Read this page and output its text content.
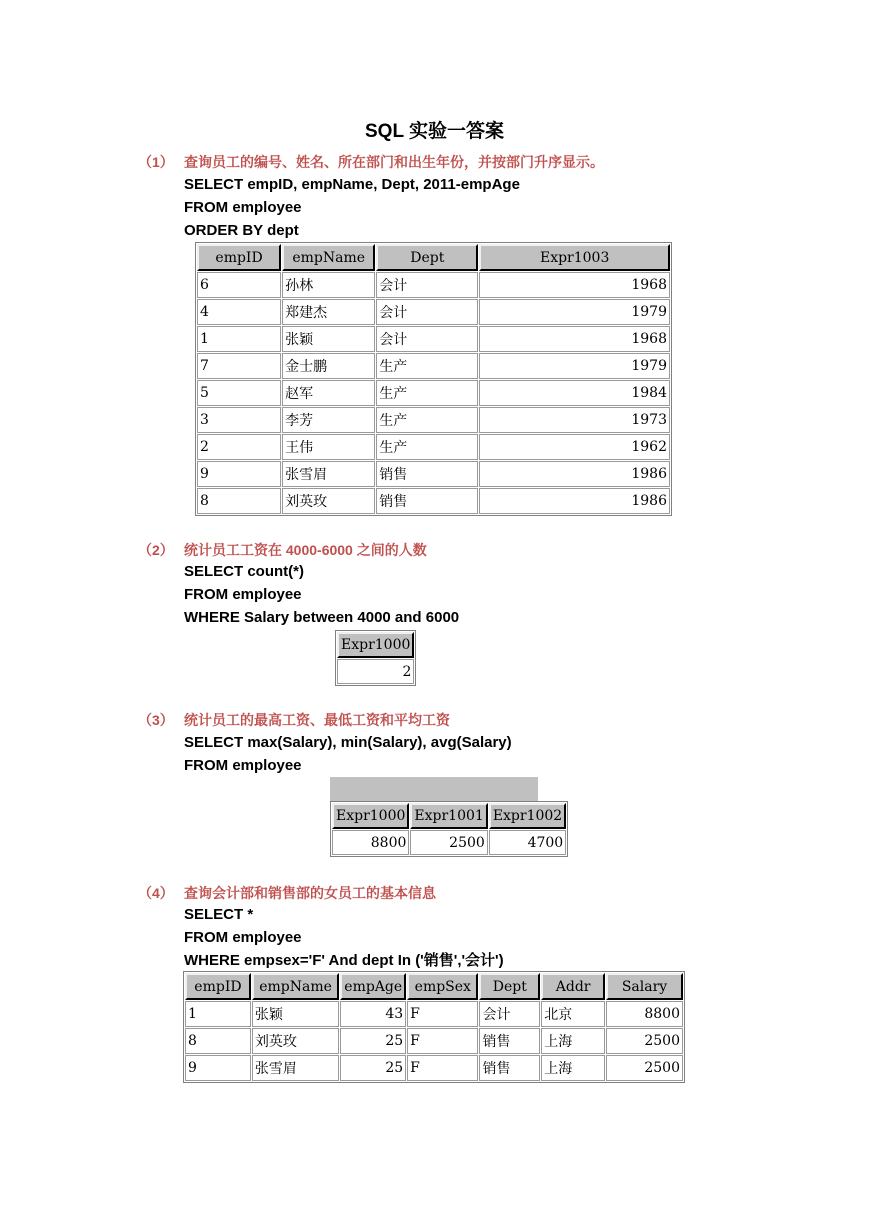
SQL 实验一答案
（1） 查询员工的编号、姓名、所在部门和出生年份，并按部门升序显示。
SELECT empID, empName, Dept, 2011-empAge
FROM employee
ORDER BY dept
empID	empName	Dept	Expr1003
6	孙林	会计	1968
4	郑建杰	会计	1979
1	张颖	会计	1968
7	金士鹏	生产	1979
5	赵军	生产	1984
3	李芳	生产	1973
2	王伟	生产	1962
9	张雪眉	销售	1986
8	刘英玫	销售	1986
（2） 统计员工工资在 4000-6000 之间的人数
SELECT count(*)
FROM employee
WHERE Salary between 4000 and 6000
Expr1000
2
（3） 统计员工的最高工资、最低工资和平均工资
SELECT max(Salary), min(Salary), avg(Salary)
FROM employee
Expr1000	Expr1001	Expr1002
8800	2500	4700
（4） 查询会计部和销售部的女员工的基本信息
SELECT *
FROM employee
WHERE empsex='F' And dept In ('销售','会计')
empID	empName	empAge	empSex	Dept	Addr	Salary
1	张颖	43	F	会计	北京	8800
8	刘英玫	25	F	销售	上海	2500
9	张雪眉	25	F	销售	上海	2500
